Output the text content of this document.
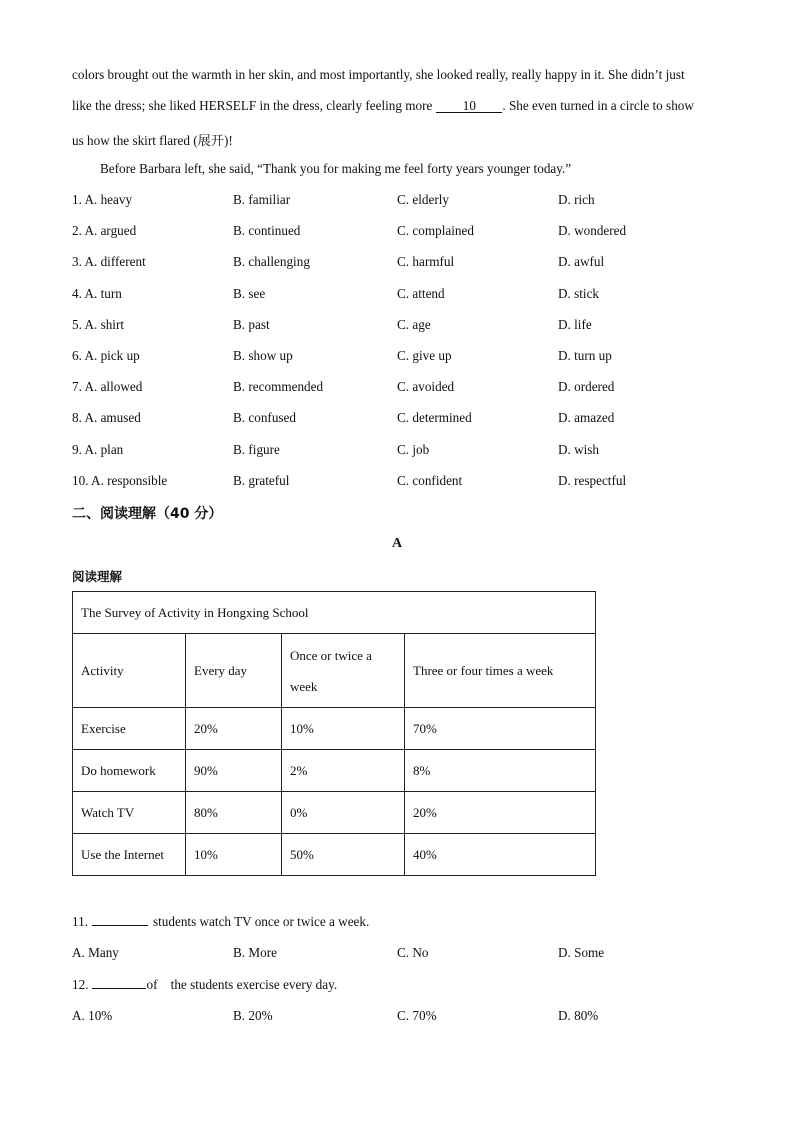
colors brought out the warmth in her skin, and most importantly, she looked really, really happy in it. She didn’t just
like the dress; she liked HERSELF in the dress, clearly feeling more 10 . She even turned in a circle to show
us how the skirt flared (展开)!
Before Barbara left, she said, “Thank you for making me feel forty years younger today.”
1. A. heavy	B. familiar	C. elderly	D. rich
2. A. argued	B. continued	C. complained	D. wondered
3. A. different	B. challenging	C. harmful	D. awful
4. A. turn	B. see	C. attend	D. stick
5. A. shirt	B. past	C. age	D. life
6. A. pick up	B. show up	C. give up	D. turn up
7. A. allowed	B. recommended	C. avoided	D. ordered
8. A. amused	B. confused	C. determined	D. amazed
9. A. plan	B. figure	C. job	D. wish
10. A. responsible	B. grateful	C. confident	D. respectful
二、阅读理解（40 分）
A
阅读理解
The Survey of Activity in Hongxing School			
Activity	Every day	Once or twice a week	Three or four times a week
Exercise	20%	10%	70%
Do homework	90%	2%	8%
Watch TV	80%	0%	20%
Use the Internet	10%	50%	40%
11.	students watch TV once or twice a week.
A. Many	B. More	C. No	D. Some
12.	of    the students exercise every day.
A. 10%	B. 20%	C. 70%	D. 80%
